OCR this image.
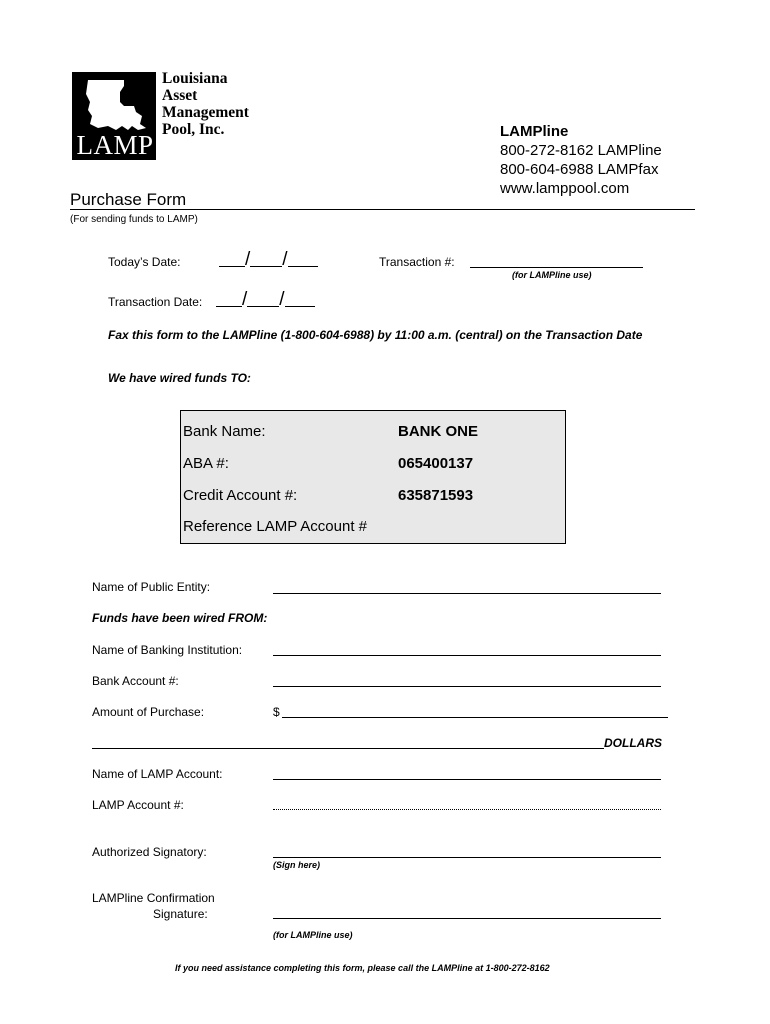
LAMP
Louisiana
Asset
Management
Pool, Inc.	LAMPline
800-272-8162 LAMPline
800-604-6988 LAMPfax
www.lamppool.com
Purchase Form
(For sending funds to LAMP)
Today’s Date:	/ /	Transaction #:
(for LAMPline use)
Transaction Date:	/ /
Fax this form to the LAMPline (1-800-604-6988) by 11:00 a.m. (central) on the Transaction Date
We have wired funds TO:
Bank Name:	BANK ONE
ABA #:	065400137
Credit Account #:	635871593
Reference LAMP Account #
Name of Public Entity:
Funds have been wired FROM:
Name of Banking Institution:
Bank Account #:
Amount of Purchase:	$
DOLLARS
Name of LAMP Account:
LAMP Account #:
Authorized Signatory:
(Sign here)
LAMPline Confirmation
Signature:
(for LAMPline use)
If you need assistance completing this form, please call the LAMPline at 1-800-272-8162
